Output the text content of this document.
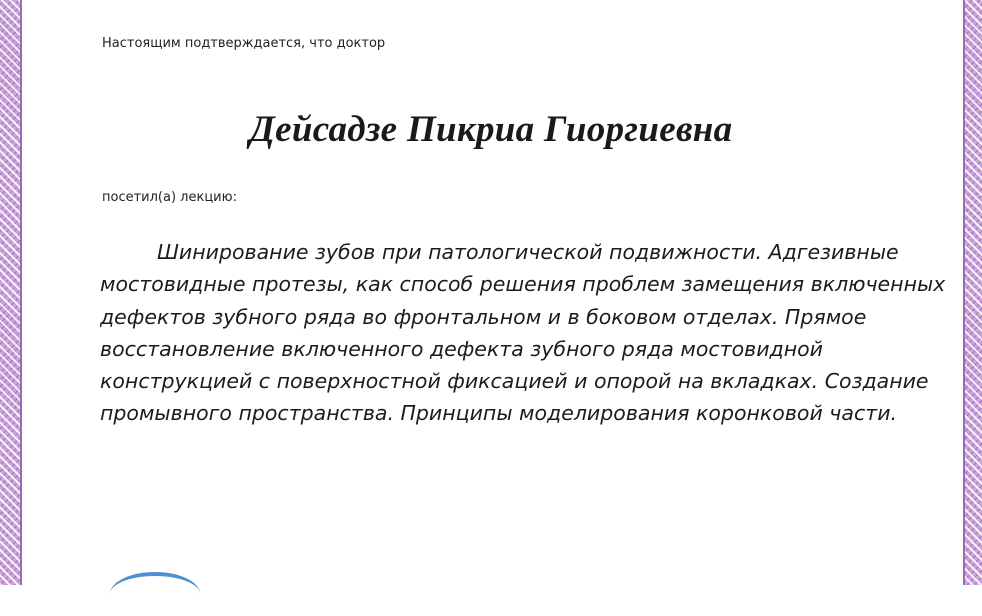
Настоящим подтверждается, что доктор
Дейсадзе Пикриа Гиоргиевна
посетил(а) лекцию:

Шинирование зубов при патологической подвижности. Адгезивные мостовидные протезы, как способ решения проблем замещения включенных дефектов зубного ряда во фронтальном и в боковом отделах. Прямое восстановление включенного дефекта зубного ряда мостовидной конструкцией с поверхностной фиксацией и опорой на вкладках. Создание промывного пространства. Принципы моделирования коронковой части.
